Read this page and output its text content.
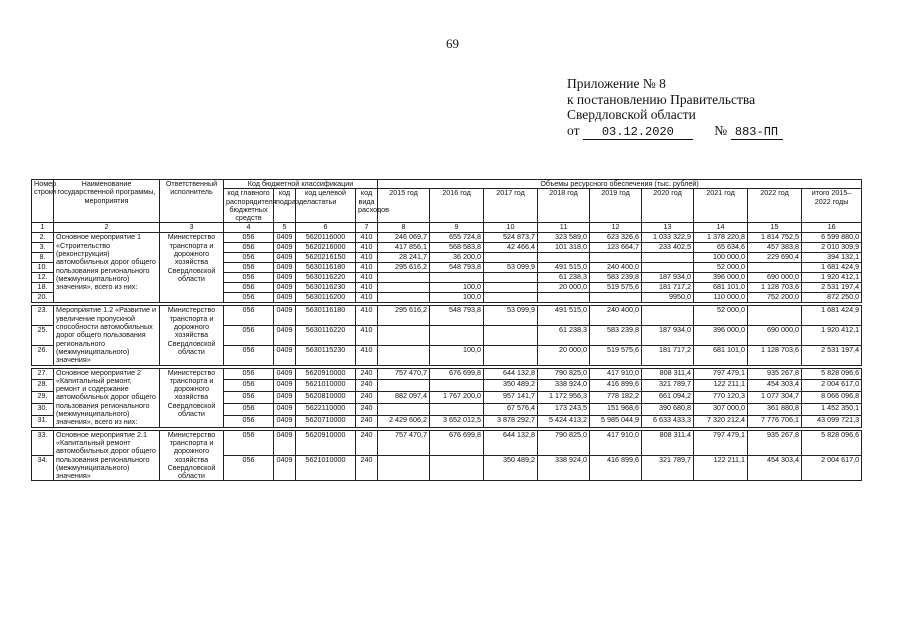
69
Приложение № 8
к постановлению Правительства
Свердловской области
от 03.12.2020	№ 883-ПП
Номер строки	Наименование государственной программы, мероприятия	Ответственный исполнитель	Код бюджетной классификации				Объемы ресурсного обеспечения (тыс. рублей)								
			код главного распорядителя бюджетных средств	код подраздела	код целевой статьи	код вида расходов	2015 год	2016 год	2017 год	2018 год	2019 год	2020 год	2021 год	2022 год	итого 2015–2022 годы
1	2	3	4	5	6	7	8	9	10	11	12	13	14	15	16
2.	Основное мероприятие 1 «Строительство (реконструкция) автомобильных дорог общего пользования регионального (межмуниципального) значения», всего из них:	Министерство транспорта и дорожного хозяйства Свердловской области	056	0409	5620116000	410	246 069,7	655 724,8	524 873,7	323 589,0	623 326,6	1 033 322,9	1 378 220,8	1 814 752,5	6 599 880,0
3.			056	0409	5620216000	410	417 856,1	568 583,8	42 466,4	101 318,0	123 664,7	233 402,5	65 634,6	457 383,8	2 010 309,9
8.			056	0409	5620216150	410	28 241,7	36 200,0					100 000,0	229 690,4	394 132,1
10.			056	0409	5630116180	410	295 616,2	548 793,8	53 099,9	491 515,0	240 400,0		52 000,0		1 681 424,9
12.			056	0409	5630116220	410				61 238,3	583 239,8	187 934,0	396 000,0	690 000,0	1 920 412,1
18.			056	0409	5630116230	410		100,0		20 000,0	519 575,6	181 717,2	681 101,0	1 128 703,6	2 531 197,4
20.			056	0409	5630116200	410		100,0				9950,0	110 000,0	752 200,0	872 250,0

23.	Мероприятие 1.2 «Развитие и увеличение пропускной способности автомобильных дорог общего пользования регионального (межмуниципального) значения»	Министерство транспорта и дорожного хозяйства Свердловской области	056	0409	5630116180	410	295 616,2	548 793,8	53 099,9	491 515,0	240 400,0		52 000,0		1 681 424,9
25.			056	0409	5630116220	410				61 238,3	583 239,8	187 934,0	396 000,0	690 000,0	1 920 412,1
26.			056	0409	5630115230	410		100,0		20 000,0	519 575,6	181 717,2	681 101,0	1 128 703,6	2 531 197,4

27.	Основное мероприятие 2 «Капитальный ремонт, ремонт и содержание автомобильных дорог общего пользования регионального (межмуниципального) значения», всего из них:	Министерство транспорта и дорожного хозяйства Свердловской области	056	0409	5620910000	240	757 470,7	676 699,8	644 132,8	790 825,0	417 910,0	808 311,4	797 479,1	935 267,8	5 828 096,6
28.			056	0409	5621010000	240			350 489,2	338 924,0	416 899,6	321 789,7	122 211,1	454 303,4	2 004 617,0
29.			056	0409	5620810000	240	882 097,4	1 767 200,0	957 141,7	1 172 956,3	778 182,2	661 094,2	770 120,3	1 077 304,7	8 066 096,8
30.			056	0409	5622110000	240			67 576,4	173 243,5	151 968,6	390 680,8	307 000,0	361 880,8	1 452 350,1
31.			056	0409	5620710000	240	2 429 606,2	3 652 012,5	3 878 292,7	5 424 413,2	5 985 044,9	6 633 433,3	7 320 212,4	7 776 706,1	43 099 721,3

33.	Основное мероприятие 2.1 «Капитальный ремонт автомобильных дорог общего пользования регионального (межмуниципального) значения»	Министерство транспорта и дорожного хозяйства Свердловской области	056	0409	5620910000	240	757 470,7	676 699,8	644 132,8	790 825,0	417 910,0	808 311,4	797 479,1	935 267,8	5 828 096,6
34.			056	0409	5621010000	240			350 489,2	338 924,0	416 899,6	321 789,7	122 211,1	454 303,4	2 004 617,0
